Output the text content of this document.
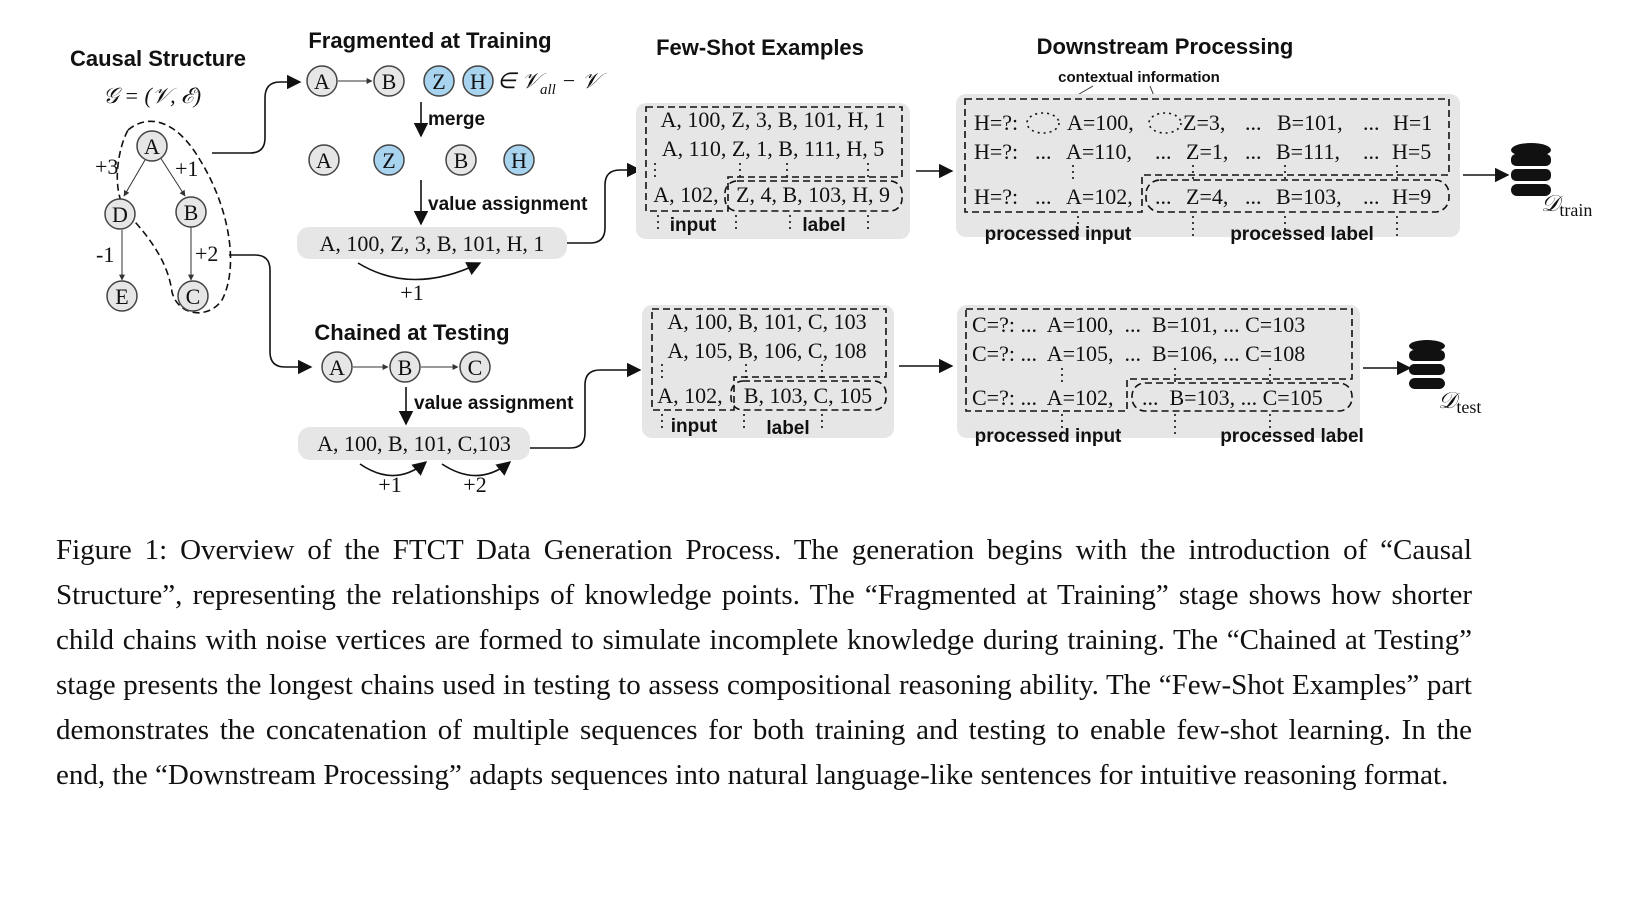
Causal Structure
𝒢 = (𝒱, ℰ)
A
D	B
E	C
+3	+1
-1	+2
Fragmented at Training
A B Z H ∈ 𝒱$_{all}$ − 𝒱
merge
A Z	B H
value assignment
A, 100, Z, 3, B, 101, H, 1
+1
Chained at Testing
A B	C
value assignment
A, 100, B, 101, C,103
+1	+2
Few-Shot Examples
A, 100, Z, 3, B, 101, H, 1
A, 110, Z, 1, B, 111, H, 5
A, 102, Z, 4, B, 103, H, 9
input	label
A, 100, B, 101, C, 103
A, 105, B, 106, C, 108
A, 102, B, 103, C, 105
input	label
Downstream Processing
contextual information
H=?: A=100, Z=3, ... B=101, ... H=1
H=?: ... A=110, ... Z=1, ... B=111, ... H=5
H=?: ... A=102, ... Z=4, ... B=103, ... H=9
processed input	processed label
C=?: ...  A=100,  ...  B=101, ... C=103
C=?: ...  A=105,  ...  B=106, ... C=108
C=?: ...  A=102, ...  B=103, ... C=105
processed input	processed label
𝒟$_{train}$
𝒟$_{test}$

Figure 1: Overview of the FTCT Data Generation Process. The generation begins with the introduction of “Causal Structure”, representing the relationships of knowledge points. The “Fragmented at Training” stage shows how shorter child chains with noise vertices are formed to simulate incomplete knowledge during training. The “Chained at Testing” stage presents the longest chains used in testing to assess compositional reasoning ability. The “Few-Shot Examples” part demonstrates the concatenation of multiple sequences for both training and testing to enable few-shot learning. In the end, the “Downstream Processing” adapts sequences into natural language-like sentences for intuitive reasoning format.
